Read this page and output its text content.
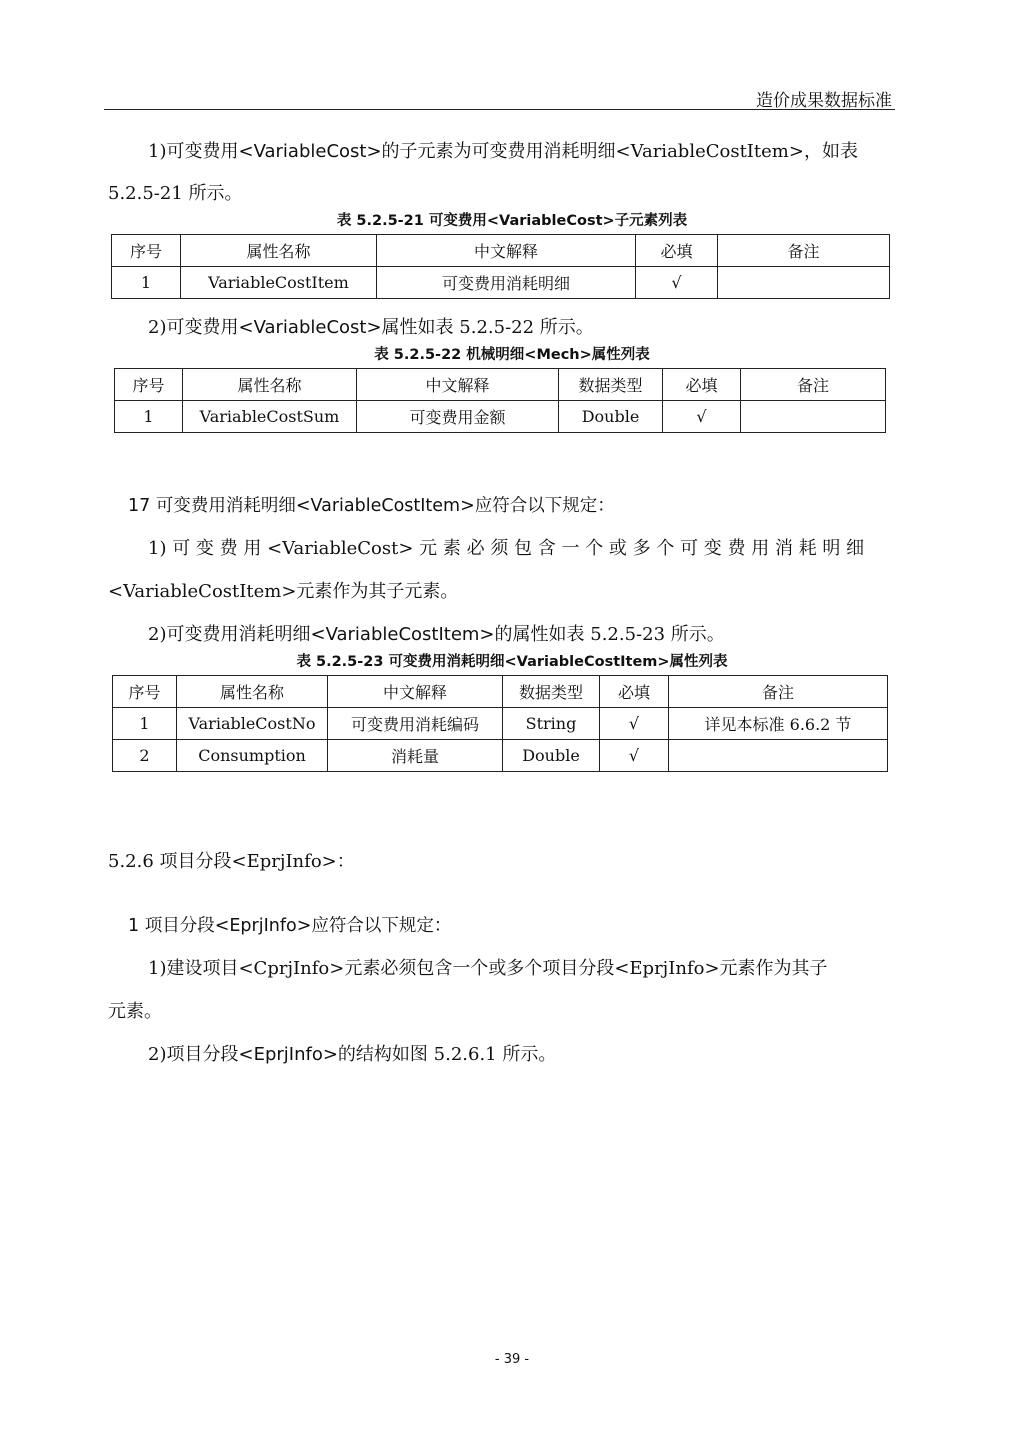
造价成果数据标准
1)可变费用<VariableCost>的子元素为可变费用消耗明细<VariableCostItem>，如表
5.2.5-21 所示。
表 5.2.5-21 可变费用<VariableCost>子元素列表
序号	属性名称	中文解释	必填	备注
1	VariableCostItem	可变费用消耗明细	√	
2)可变费用<VariableCost>属性如表 5.2.5-22 所示。
表 5.2.5-22 机械明细<Mech>属性列表
序号	属性名称	中文解释	数据类型	必填	备注
1	VariableCostSum	可变费用金额	Double	√	
17 可变费用消耗明细<VariableCostItem>应符合以下规定：
1) 可 变 费 用 <VariableCost> 元 素 必 须 包 含 一 个 或 多 个 可 变 费 用 消 耗 明 细
<VariableCostItem>元素作为其子元素。
2)可变费用消耗明细<VariableCostItem>的属性如表 5.2.5-23 所示。
表 5.2.5-23 可变费用消耗明细<VariableCostItem>属性列表
序号	属性名称	中文解释	数据类型	必填	备注
1	VariableCostNo	可变费用消耗编码	String	√	详见本标准 6.6.2 节
2	Consumption	消耗量	Double	√	
5.2.6 项目分段<EprjInfo>：
1 项目分段<EprjInfo>应符合以下规定：
1)建设项目<CprjInfo>元素必须包含一个或多个项目分段<EprjInfo>元素作为其子
元素。
2)项目分段<EprjInfo>的结构如图 5.2.6.1 所示。
- 39 -
